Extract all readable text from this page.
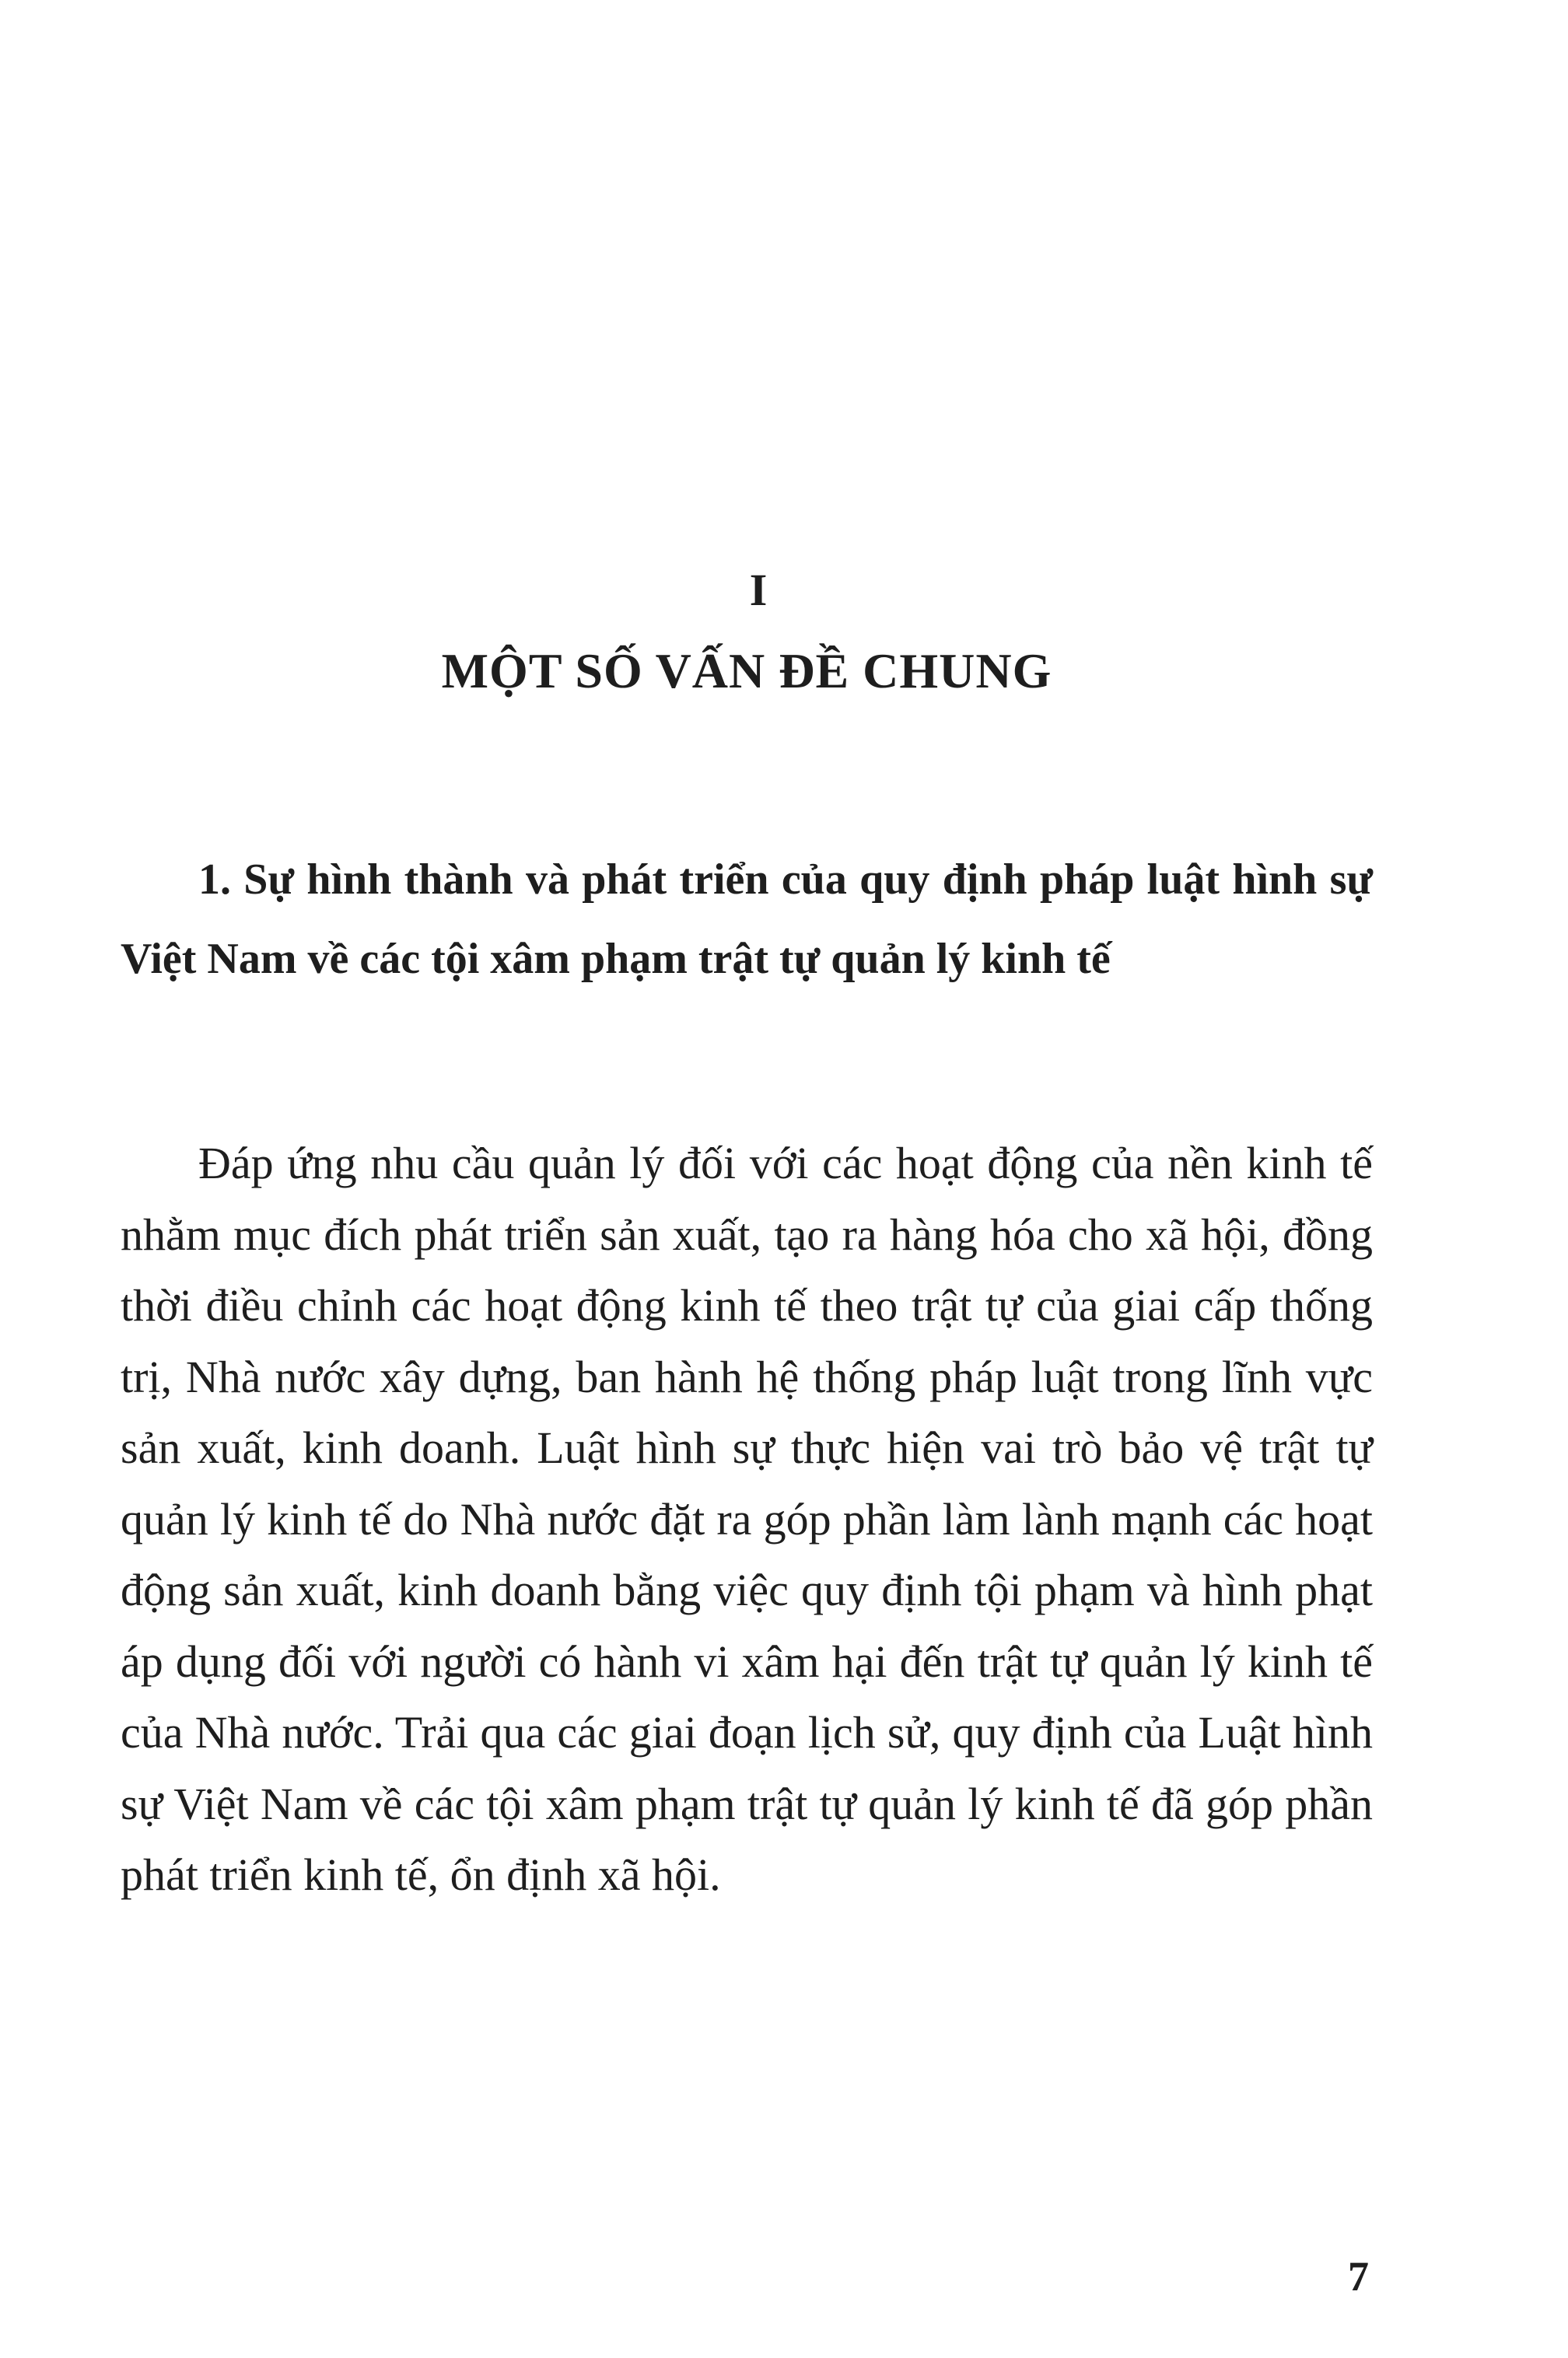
I
MỘT SỐ VẤN ĐỀ CHUNG
1. Sự hình thành và phát triển của quy định pháp luật hình sự Việt Nam về các tội xâm phạm trật tự quản lý kinh tế
Đáp ứng nhu cầu quản lý đối với các hoạt động của nền kinh tế nhằm mục đích phát triển sản xuất, tạo ra hàng hóa cho xã hội, đồng thời điều chỉnh các hoạt động kinh tế theo trật tự của giai cấp thống trị, Nhà nước xây dựng, ban hành hệ thống pháp luật trong lĩnh vực sản xuất, kinh doanh. Luật hình sự thực hiện vai trò bảo vệ trật tự quản lý kinh tế do Nhà nước đặt ra góp phần làm lành mạnh các hoạt động sản xuất, kinh doanh bằng việc quy định tội phạm và hình phạt áp dụng đối với người có hành vi xâm hại đến trật tự quản lý kinh tế của Nhà nước. Trải qua các giai đoạn lịch sử, quy định của Luật hình sự Việt Nam về các tội xâm phạm trật tự quản lý kinh tế đã góp phần phát triển kinh tế, ổn định xã hội.
7
